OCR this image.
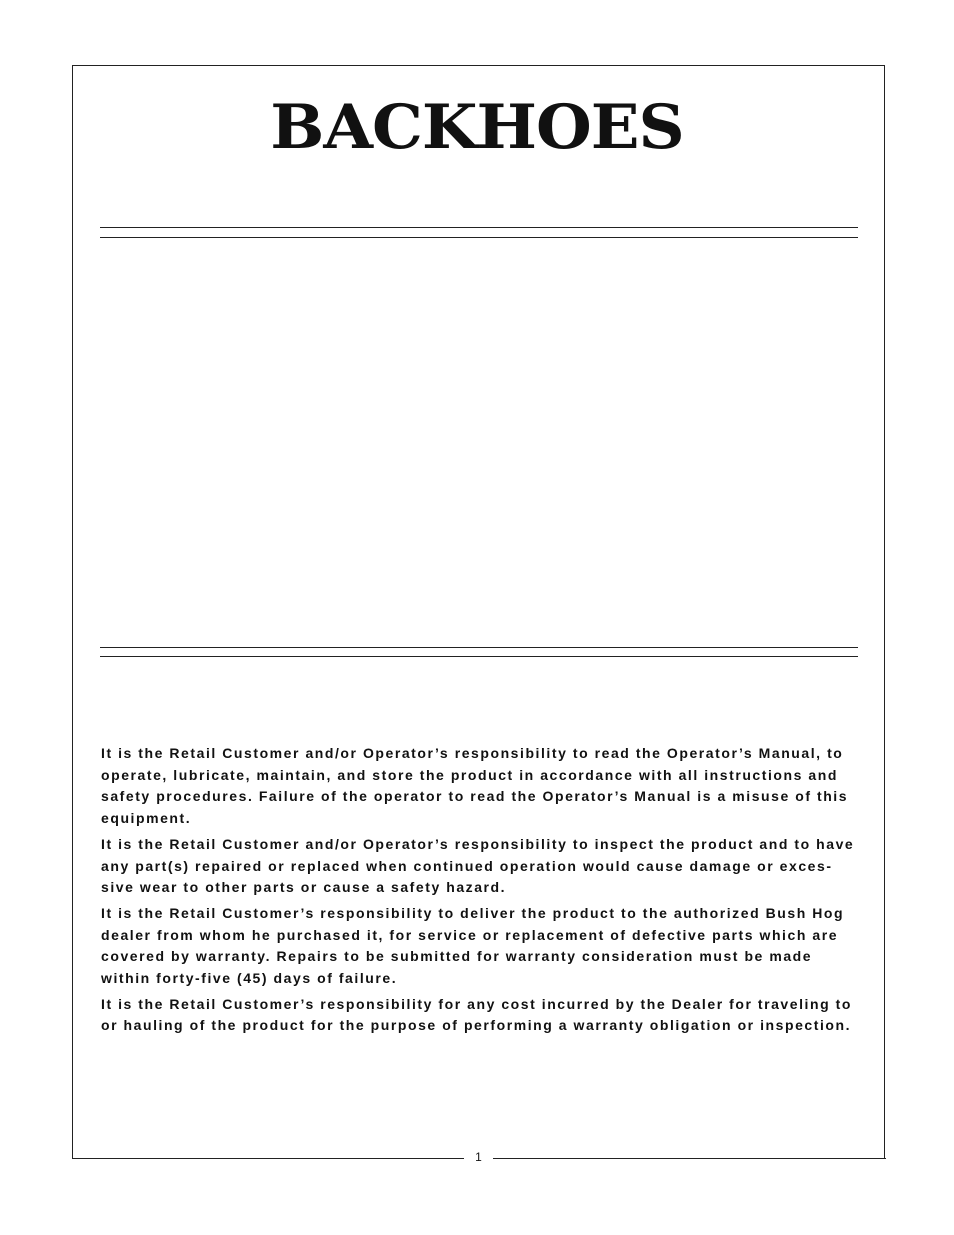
BACKHOES

It is the Retail Customer and/or Operator’s responsibility to read the Operator’s Manual, to operate, lubricate, maintain, and store the product in accordance with all instructions and safety procedures. Failure of the operator to read the Operator’s Manual is a misuse of this equipment.

It is the Retail Customer and/or Operator’s responsibility to inspect the product and to have any part(s) repaired or replaced when continued operation would cause damage or exces-sive wear to other parts or cause a safety hazard.

It is the Retail Customer’s responsibility to deliver the product to the authorized Bush Hog dealer from whom he purchased it, for service or replacement of defective parts which are covered by warranty. Repairs to be submitted for warranty consideration must be made within forty-five (45) days of failure.

It is the Retail Customer’s responsibility for any cost incurred by the Dealer for traveling to or hauling of the product for the purpose of performing a warranty obligation or inspection.

1
